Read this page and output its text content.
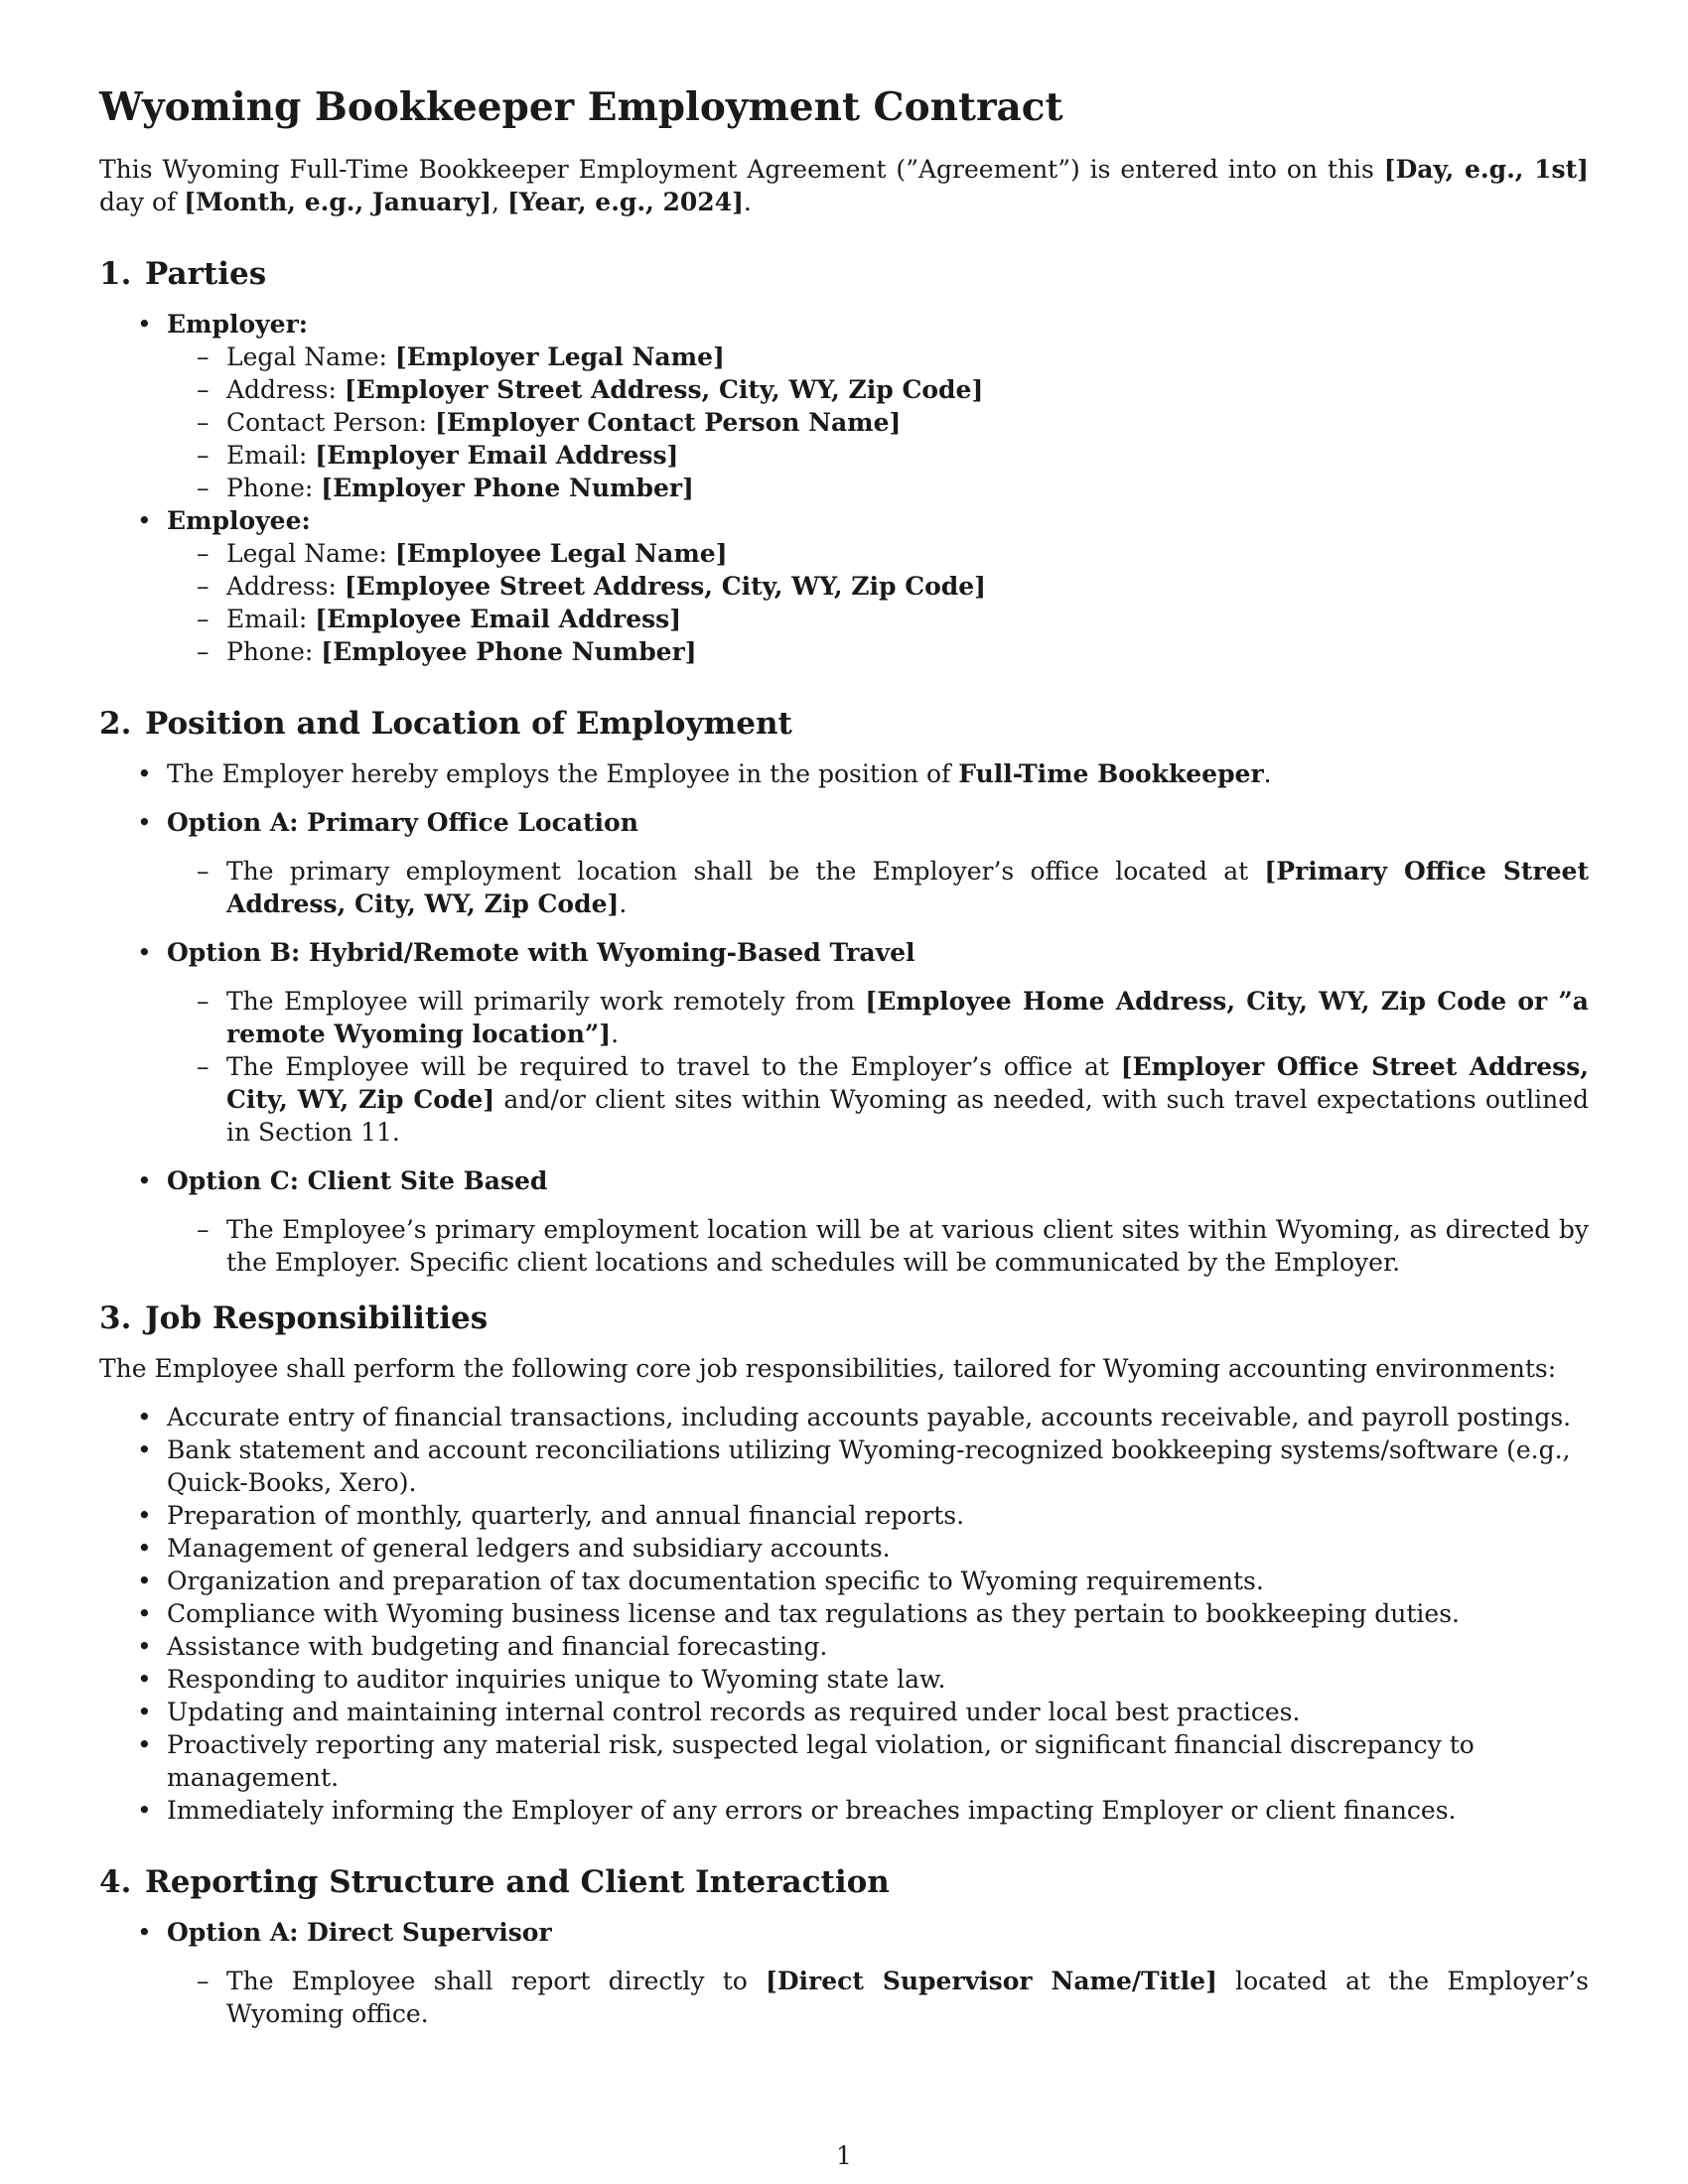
Wyoming Bookkeeper Employment Contract

This Wyoming Full-Time Bookkeeper Employment Agreement (”Agreement”) is entered into on this [Day, e.g., 1st] day of [Month, e.g., January], [Year, e.g., 2024].

1. Parties
• Employer:
– Legal Name: [Employer Legal Name]
– Address: [Employer Street Address, City, WY, Zip Code]
– Contact Person: [Employer Contact Person Name]
– Email: [Employer Email Address]
– Phone: [Employer Phone Number]
• Employee:
– Legal Name: [Employee Legal Name]
– Address: [Employee Street Address, City, WY, Zip Code]
– Email: [Employee Email Address]
– Phone: [Employee Phone Number]
2. Position and Location of Employment
• The Employer hereby employs the Employee in the position of Full-Time Bookkeeper.
• Option A: Primary Office Location
– The primary employment location shall be the Employer’s office located at [Primary Office Street Address, City, WY, Zip Code].
• Option B: Hybrid/Remote with Wyoming-Based Travel
– The Employee will primarily work remotely from [Employee Home Address, City, WY, Zip Code or ”a remote Wyoming location”].
– The Employee will be required to travel to the Employer’s office at [Employer Office Street Address, City, WY, Zip Code] and/or client sites within Wyoming as needed, with such travel expectations outlined in Section 11.
• Option C: Client Site Based
– The Employee’s primary employment location will be at various client sites within Wyoming, as directed by the Employer. Specific client locations and schedules will be communicated by the Employer.
3. Job Responsibilities

The Employee shall perform the following core job responsibilities, tailored for Wyoming accounting environments:

• Accurate entry of financial transactions, including accounts payable, accounts receivable, and payroll postings.
• Bank statement and account reconciliations utilizing Wyoming-recognized bookkeeping systems/software (e.g., Quick-Books, Xero).
• Preparation of monthly, quarterly, and annual financial reports.
• Management of general ledgers and subsidiary accounts.
• Organization and preparation of tax documentation specific to Wyoming requirements.
• Compliance with Wyoming business license and tax regulations as they pertain to bookkeeping duties.
• Assistance with budgeting and financial forecasting.
• Responding to auditor inquiries unique to Wyoming state law.
• Updating and maintaining internal control records as required under local best practices.
• Proactively reporting any material risk, suspected legal violation, or significant financial discrepancy to management.
• Immediately informing the Employer of any errors or breaches impacting Employer or client finances.
4. Reporting Structure and Client Interaction
• Option A: Direct Supervisor
– The Employee shall report directly to [Direct Supervisor Name/Title] located at the Employer’s Wyoming office.
1
